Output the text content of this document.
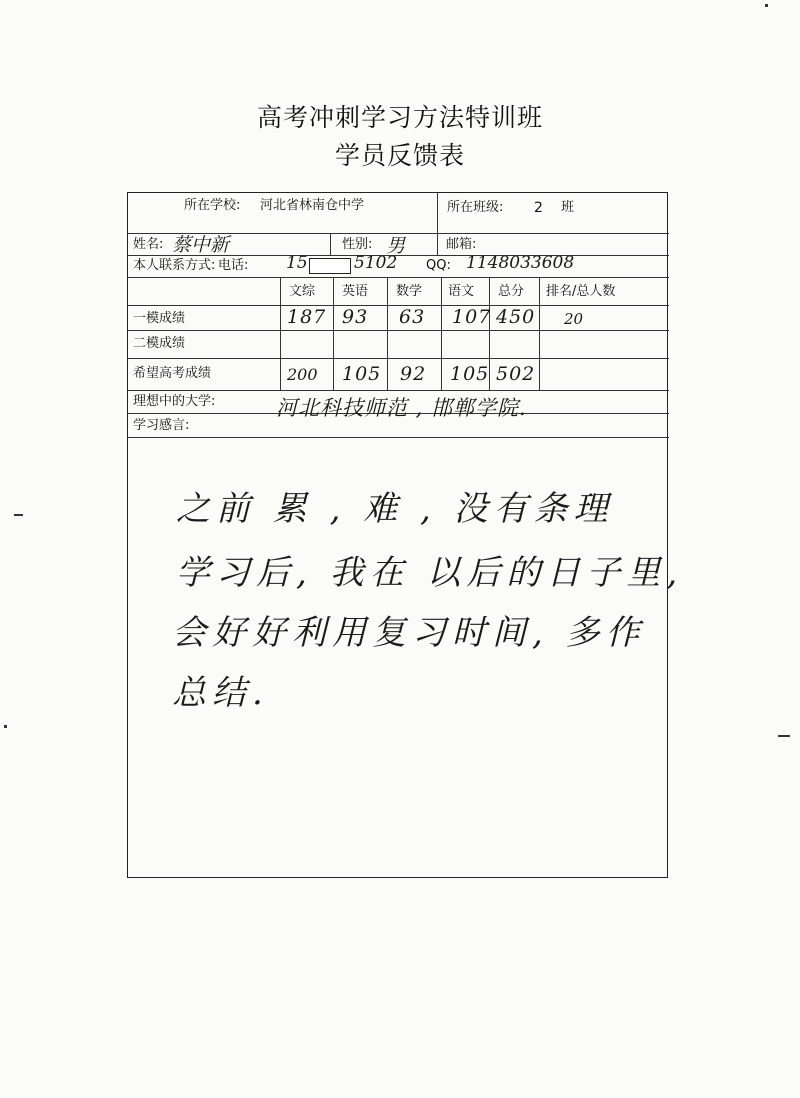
高考冲刺学习方法特训班
学员反馈表
所在学校: 河北省林南仓中学	所在班级: 2 班
姓名: 蔡中新	性别: 男	邮箱:
本人联系方式: 电话: 15	5102 QQ: 1148033608
文综 英语 数学 语文 总分 排名/总人数
一模成绩	187 93 63 107 450 20
二模成绩
希望高考成绩	200 105 92 105 502
理想中的大学:	河北科技师范 , 邯郸学院.
学习感言:
之前 累 , 难 , 没有条理
学习后, 我在 以后的日子里,
会好好利用复习时间, 多作
总结.
